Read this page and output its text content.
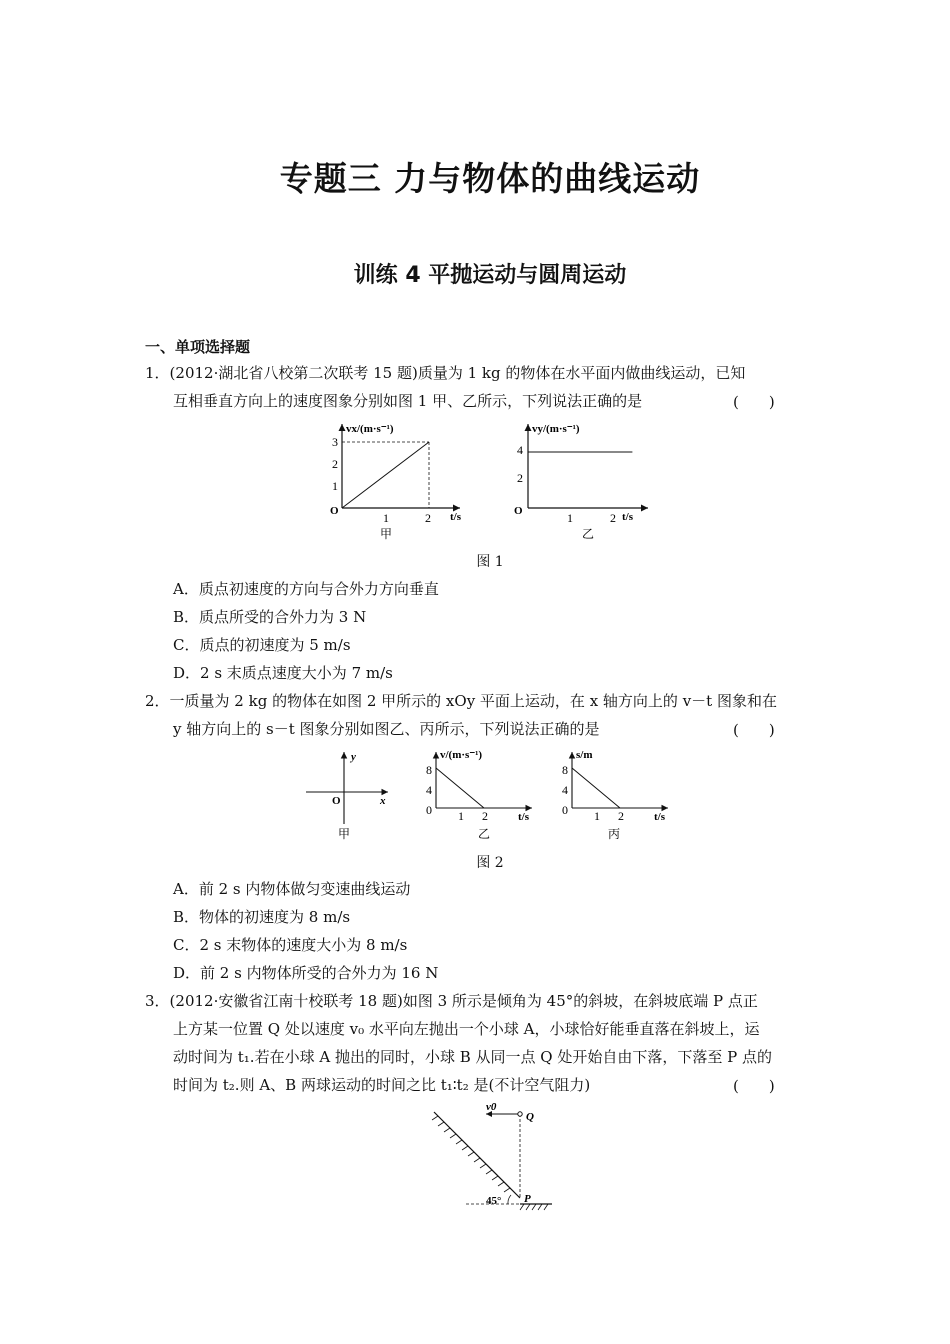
专题三 力与物体的曲线运动
训练 4 平抛运动与圆周运动
一、单项选择题
1．(2012·湖北省八校第二次联考 15 题)质量为 1 kg 的物体在水平面内做曲线运动，已知
互相垂直方向上的速度图象分别如图 1 甲、乙所示，下列说法正确的是	(　　)
vx/(m·s⁻¹)
t/s
O	1	2
1
2
3
甲
vy/(m·s⁻¹)
t/s
O	1	2
2
4
乙
图 1
A．质点初速度的方向与合外力方向垂直
B．质点所受的合外力为 3 N
C．质点的初速度为 5 m/s
D．2 s 末质点速度大小为 7 m/s
2．一质量为 2 kg 的物体在如图 2 甲所示的 xOy 平面上运动，在 x 轴方向上的 v－t 图象和在
y 轴方向上的 s－t 图象分别如图乙、丙所示，下列说法正确的是	(　　)
y
x
O
甲
v/(m·s⁻¹)
t/s
0 1 2
4
8
乙
s/m
t/s
0 1 2
4
8
丙
图 2
A．前 2 s 内物体做匀变速曲线运动
B．物体的初速度为 8 m/s
C．2 s 末物体的速度大小为 8 m/s
D．前 2 s 内物体所受的合外力为 16 N
3．(2012·安徽省江南十校联考 18 题)如图 3 所示是倾角为 45°的斜坡，在斜坡底端 P 点正
上方某一位置 Q 处以速度 v₀ 水平向左抛出一个小球 A，小球恰好能垂直落在斜坡上，运
动时间为 t₁.若在小球 A 抛出的同时，小球 B 从同一点 Q 处开始自由下落，下落至 P 点的
时间为 t₂.则 A、B 两球运动的时间之比 t₁∶t₂ 是(不计空气阻力)	(　　)
v0
Q
P
45°
